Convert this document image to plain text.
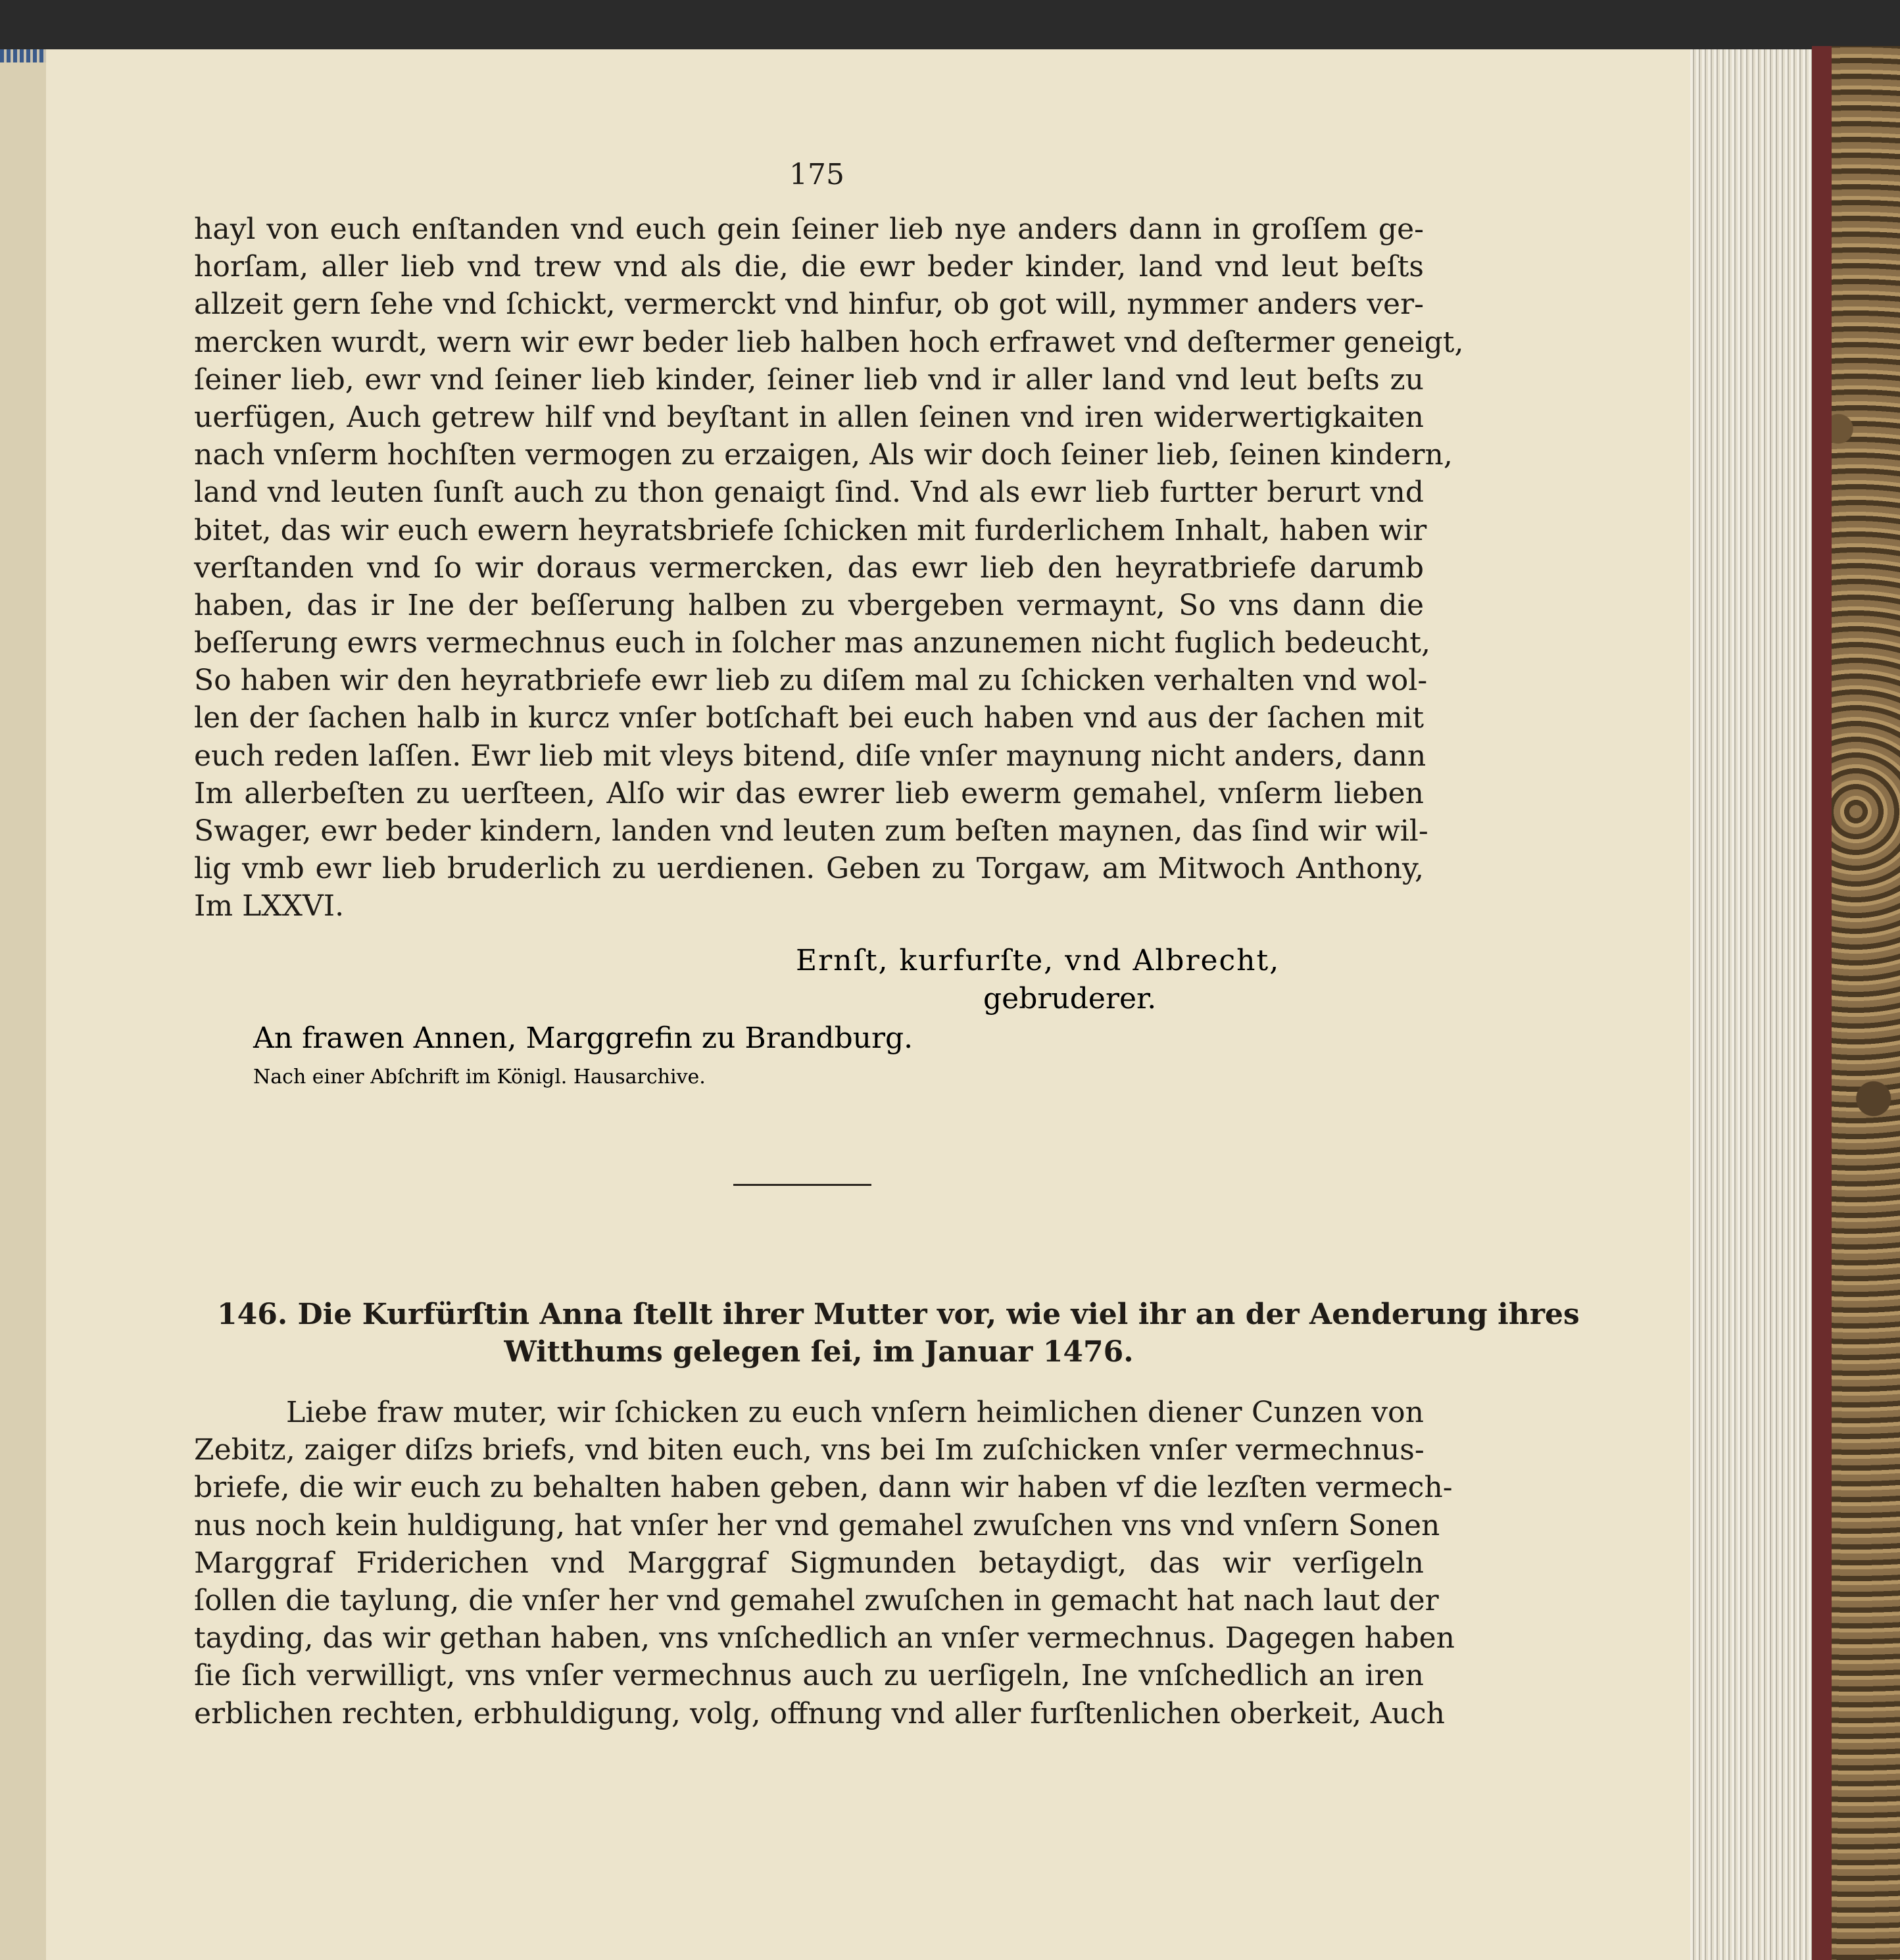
175
hayl von euch enſtanden vnd euch gein ſeiner lieb nye anders dann in groſſem ge-
horſam, aller lieb vnd trew vnd als die, die ewr beder kinder, land vnd leut beſts
allzeit gern ſehe vnd ſchickt, vermerckt vnd hinfur, ob got will, nymmer anders ver-
mercken wurdt, wern wir ewr beder lieb halben hoch erfrawet vnd deſtermer geneigt,
ſeiner lieb, ewr vnd ſeiner lieb kinder, ſeiner lieb vnd ir aller land vnd leut beſts zu
uerfügen, Auch getrew hilf vnd beyſtant in allen ſeinen vnd iren widerwertigkaiten
nach vnſerm hochſten vermogen zu erzaigen, Als wir doch ſeiner lieb, ſeinen kindern,
land vnd leuten ſunſt auch zu thon genaigt ſind. Vnd als ewr lieb furtter berurt vnd
bitet, das wir euch ewern heyratsbriefe ſchicken mit furderlichem Inhalt, haben wir
verſtanden vnd ſo wir doraus vermercken, das ewr lieb den heyratbriefe darumb
haben, das ir Ine der beſſerung halben zu vbergeben vermaynt, So vns dann die
beſſerung ewrs vermechnus euch in ſolcher mas anzunemen nicht fuglich bedeucht,
So haben wir den heyratbriefe ewr lieb zu diſem mal zu ſchicken verhalten vnd wol-
len der ſachen halb in kurcz vnſer botſchaft bei euch haben vnd aus der ſachen mit
euch reden laſſen. Ewr lieb mit vleys bitend, diſe vnſer maynung nicht anders, dann
Im allerbeſten zu uerſteen, Alſo wir das ewrer lieb ewerm gemahel, vnſerm lieben
Swager, ewr beder kindern, landen vnd leuten zum beſten maynen, das ſind wir wil-
lig vmb ewr lieb bruderlich zu uerdienen. Geben zu Torgaw, am Mitwoch Anthony,
Im LXXVI.
Ernſt, kurfurſte, vnd Albrecht,
gebruderer.
An frawen Annen, Marggrefin zu Brandburg.
Nach einer Abſchrift im Königl. Hausarchive.
146. Die Kurfürſtin Anna ſtellt ihrer Mutter vor, wie viel ihr an der Aenderung ihres
Witthums gelegen ſei, im Januar 1476.
Liebe fraw muter, wir ſchicken zu euch vnſern heimlichen diener Cunzen von
Zebitz, zaiger diſzs briefs, vnd biten euch, vns bei Im zuſchicken vnſer vermechnus-
briefe, die wir euch zu behalten haben geben, dann wir haben vf die lezſten vermech-
nus noch kein huldigung, hat vnſer her vnd gemahel zwuſchen vns vnd vnſern Sonen
Marggraf Friderichen vnd Marggraf Sigmunden betaydigt, das wir verſigeln
ſollen die taylung, die vnſer her vnd gemahel zwuſchen in gemacht hat nach laut der
tayding, das wir gethan haben, vns vnſchedlich an vnſer vermechnus. Dagegen haben
ſie ſich verwilligt, vns vnſer vermechnus auch zu uerſigeln, Ine vnſchedlich an iren
erblichen rechten, erbhuldigung, volg, offnung vnd aller furſtenlichen oberkeit, Auch
